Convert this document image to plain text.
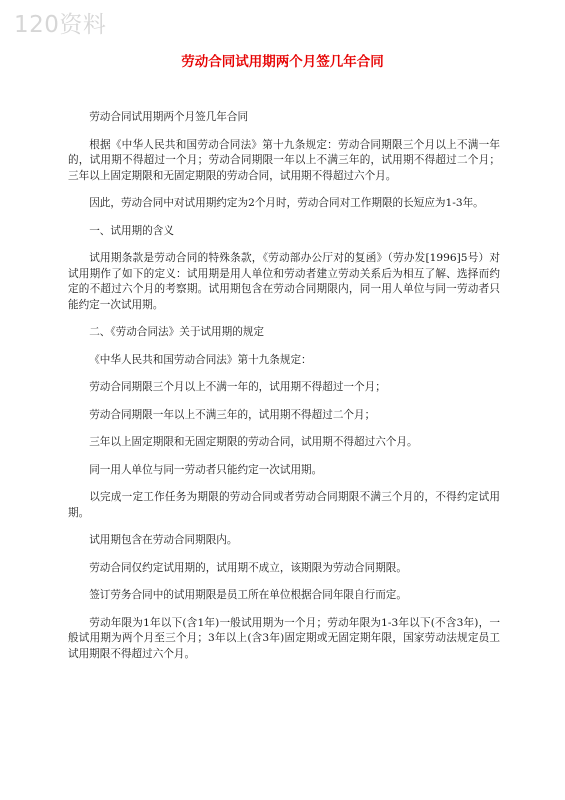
120资料
劳动合同试用期两个月签几年合同

劳动合同试用期两个月签几年合同

根据《中华人民共和国劳动合同法》第十九条规定：劳动合同期限三个月以上不满一年的，试用期不得超过一个月；劳动合同期限一年以上不满三年的，试用期不得超过二个月；三年以上固定期限和无固定期限的劳动合同，试用期不得超过六个月。

因此，劳动合同中对试用期约定为2个月时，劳动合同对工作期限的长短应为1-3年。

一、试用期的含义

试用期条款是劳动合同的特殊条款，《劳动部办公厅对的复函》（劳办发[1996]5号）对试用期作了如下的定义：试用期是用人单位和劳动者建立劳动关系后为相互了解、选择而约定的不超过六个月的考察期。试用期包含在劳动合同期限内，同一用人单位与同一劳动者只能约定一次试用期。

二、《劳动合同法》关于试用期的规定

《中华人民共和国劳动合同法》第十九条规定：

劳动合同期限三个月以上不满一年的，试用期不得超过一个月；

劳动合同期限一年以上不满三年的，试用期不得超过二个月；

三年以上固定期限和无固定期限的劳动合同，试用期不得超过六个月。

同一用人单位与同一劳动者只能约定一次试用期。

以完成一定工作任务为期限的劳动合同或者劳动合同期限不满三个月的，不得约定试用期。

试用期包含在劳动合同期限内。

劳动合同仅约定试用期的，试用期不成立，该期限为劳动合同期限。

签订劳务合同中的试用期限是员工所在单位根据合同年限自行而定。

劳动年限为1年以下(含1年)一般试用期为一个月；劳动年限为1-3年以下(不含3年)，一般试用期为两个月至三个月；3年以上(含3年)固定期或无固定期年限，国家劳动法规定员工试用期限不得超过六个月。
